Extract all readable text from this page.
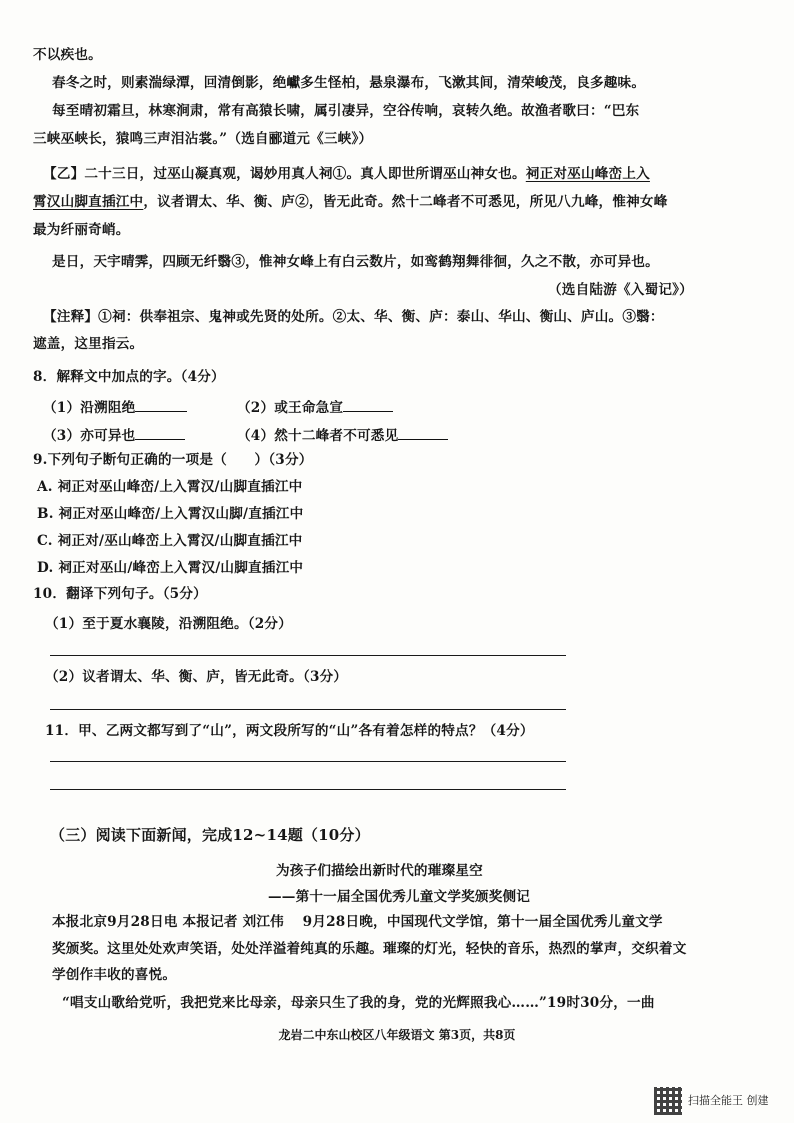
不以疾也。
春冬之时，则素湍绿潭，回清倒影，绝巘多生怪柏，悬泉瀑布，飞漱其间，清荣峻茂，良多趣味。
每至晴初霜旦，林寒涧肃，常有高猿长啸，属引凄异，空谷传响，哀转久绝。故渔者歌曰：“巴东
三峡巫峡长，猿鸣三声泪沾裳。”（选自郦道元《三峡》）
【乙】二十三日，过巫山凝真观，谒妙用真人祠①。真人即世所谓巫山神女也。祠正对巫山峰峦上入
霄汉山脚直插江中，议者谓太、华、衡、庐②，皆无此奇。然十二峰者不可悉见，所见八九峰，惟神女峰
最为纤丽奇峭。
是日，天宇晴霁，四顾无纤翳③，惟神女峰上有白云数片，如鸾鹤翔舞徘徊，久之不散，亦可异也。
（选自陆游《入蜀记》）
【注释】①祠：供奉祖宗、鬼神或先贤的处所。②太、华、衡、庐：泰山、华山、衡山、庐山。③翳：
遮盖，这里指云。
8．解释文中加点的字。（4分）
（1）沿溯阻绝	（2）或王命急宣
（3）亦可异也	（4）然十二峰者不可悉见
9.下列句子断句正确的一项是（　　）（3分）
A. 祠正对巫山峰峦/上入霄汉/山脚直插江中
B. 祠正对巫山峰峦/上入霄汉山脚/直插江中
C. 祠正对/巫山峰峦上入霄汉/山脚直插江中
D. 祠正对巫山/峰峦上入霄汉/山脚直插江中
10．翻译下列句子。（5分）
（1）至于夏水襄陵，沿溯阻绝。（2分）
（2）议者谓太、华、衡、庐，皆无此奇。（3分）
11．甲、乙两文都写到了“山”，两文段所写的“山”各有着怎样的特点？（4分）
（三）阅读下面新闻，完成12~14题（10分）
为孩子们描绘出新时代的璀璨星空
——第十一届全国优秀儿童文学奖颁奖侧记
本报北京9月28日电 本报记者 刘江伟　 9月28日晚，中国现代文学馆，第十一届全国优秀儿童文学
奖颁奖。这里处处欢声笑语，处处洋溢着纯真的乐趣。璀璨的灯光，轻快的音乐，热烈的掌声，交织着文
学创作丰收的喜悦。
“唱支山歌给党听，我把党来比母亲，母亲只生了我的身，党的光辉照我心……”19时30分，一曲
龙岩二中东山校区八年级语文 第3页，共8页
扫描全能王 创建
